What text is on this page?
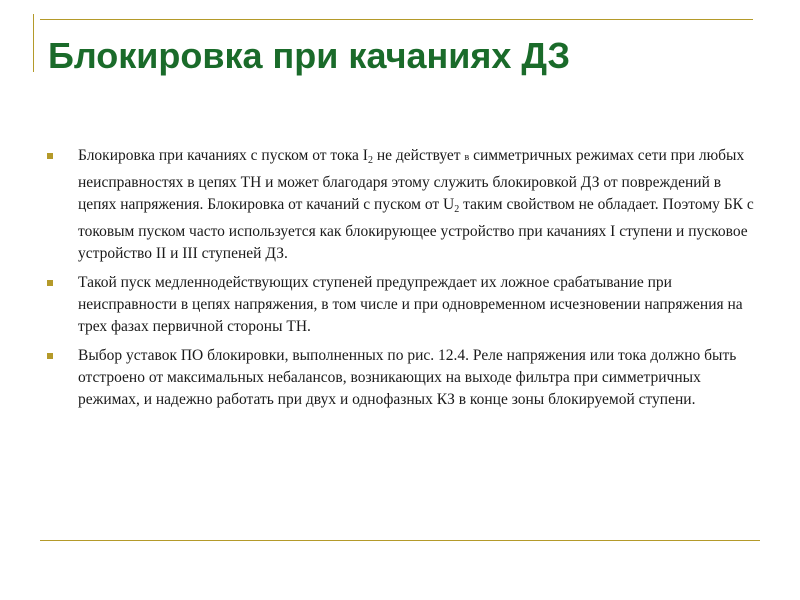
Блокировка при качаниях ДЗ
Блокировка при качаниях с пуском от тока $I_2$ не действует в симметричных режимах сети при любых неисправностях в цепях ТН и может благодаря этому служить блокировкой ДЗ от повреждений в цепях напряжения. Блокировка от качаний с пуском от $U_2$ таким свойством не обладает. Поэтому БК с токовым пуском часто используется как блокирующее устройство при качаниях I ступени и пусковое устройство II и III ступеней ДЗ.
Такой пуск медленнодействующих ступеней предупреждает их ложное срабатывание при неисправности в цепях напряжения, в том числе и при одновременном исчезновении напряжения на трех фазах первичной стороны ТН.
Выбор уставок ПО блокировки, выполненных по рис. 12.4. Реле напряжения или тока должно быть отстроено от максимальных небалансов, возникающих на выходе фильтра при симметричных режимах, и надежно работать при двух и однофазных КЗ в конце зоны блокируемой ступени.
